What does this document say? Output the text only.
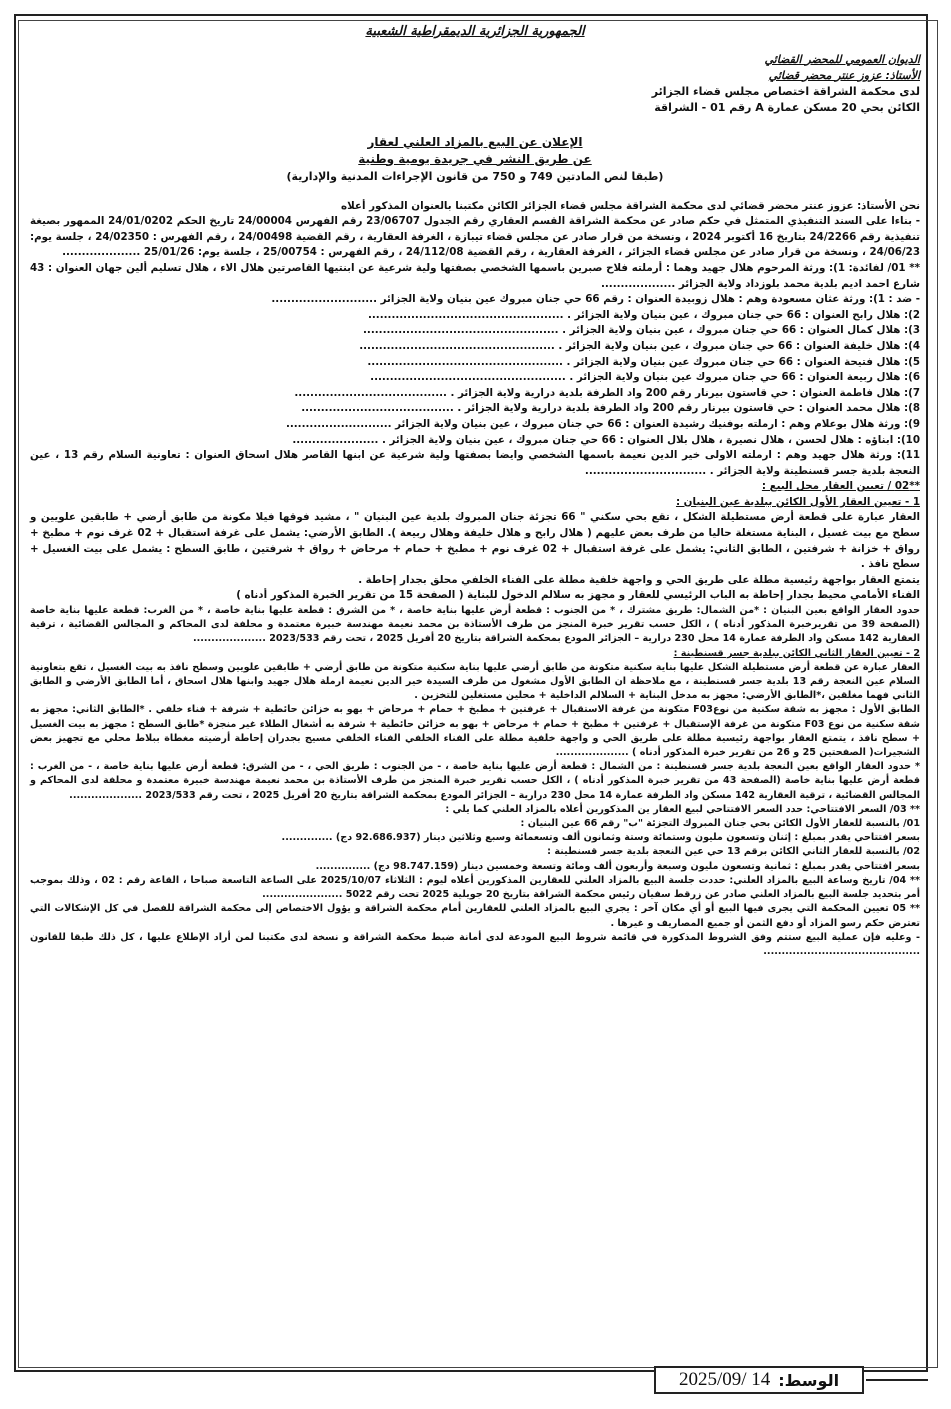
الجمهورية الجزائرية الديمقراطية الشعبية
الديوان العمومي للمحضر القضائي
الأستاذ: عزوز عنتر محضر قضائي
لدى محكمة الشراقة اختصاص مجلس قضاء الجزائر
الكائن بحي 20 مسكن عمارة A رقم 01 - الشراقة
الإعلان عن البيع بالمزاد العلني لعقار
عن طريق النشر في جريدة يومية وطنية
(طبقا لنص المادتين 749 و 750 من قانون الإجراءات المدنية والإدارية)

نحن الأستاذ: عزوز عنتر محضر قضائي لدى محكمة الشراقة مجلس قضاء الجزائر الكائن مكتبنا بالعنوان المذكور أعلاه

- بناءا على السند التنفيذي المتمثل في حكم صادر عن محكمة الشراقة القسم العقاري رقم الجدول 23/06707 رقم الفهرس 24/00004 تاريخ الحكم 24/01/0202 الممهور بصيغة تنفيذية رقم 24/2266 بتاريخ 16 أكتوبر 2024 ، ونسخة من قرار صادر عن مجلس قضاء تيبازة ، الغرفة العقارية ، رقم القضية 24/00498 ، رقم الفهرس : 24/02350 ، جلسة يوم: 24/06/23 ، ونسخة من قرار صادر عن مجلس قضاء الجزائر ، الغرفة العقارية ، رقم القضية 24/112/08 ، رقم الفهرس : 25/00754 ، جلسة يوم: 25/01/26 ....................

** 01/ لفائدة: 1): ورثة المرحوم هلال جهيد وهما : أرملته فلاح صبرين باسمها الشخصي بصفتها ولية شرعية عن ابنتيها القاصرتين هلال الاء ، هلال تسليم ألين جهان العنوان : 43 شارع احمد اديم بلدية محمد بلوزداد ولاية الجزائر ...................

- ضد : 1): ورثة عثان مسعودة وهم : هلال زوبيدة العنوان : رقم 66 حي جنان مبروك عين بنيان ولاية الجزائر ...........................

2): هلال رابح العنوان : 66 حي جنان مبروك ، عين بنيان ولاية الجزائر . ..................................................

3): هلال كمال العنوان : 66 حي جنان مبروك ، عين بنيان ولاية الجزائر . ..................................................

4): هلال خليفة العنوان : 66 حي جنان مبروك ، عين بنيان ولاية الجزائر . ..................................................

5): هلال فتيحة العنوان : 66 حي جنان مبروك عين بنيان ولاية الجزائر . ..................................................

6): هلال ربيعة العنوان : 66 حي جنان مبروك عين بنيان ولاية الجزائر . ..................................................

7): هلال فاطمة العنوان : حي قاستون بيرنار رقم 200 واد الطرفة بلدية درارية ولاية الجزائر . .......................................

8): هلال محمد العنوان : حي قاستون بيرنار رقم 200 واد الطرفة بلدية درارية ولاية الجزائر . .......................................

9): ورثة هلال بوعلام وهم : ارملته بوفنيك رشيدة العنوان : 66 حي جنان مبروك ، عين بنيان ولاية الجزائر ...........................

10): ابناؤه : هلال لحسن ، هلال نصيرة ، هلال بلال العنوان : 66 حي جنان مبروك ، عين بنيان ولاية الجزائر . ......................

11): ورثة هلال جهيد وهم : ارملته الاولى خير الدين نعيمة باسمها الشخصي وايضا بصفتها ولية شرعية عن ابنها القاصر هلال اسحاق العنوان : تعاونية السلام رقم 13 ، عين النعجة بلدية جسر قسنطينة ولاية الجزائر . ...............................

**02 / تعيين العقار محل البيع :

1 - تعيين العقار الأول الكائن ببلدية عين البنيان :

العقار عبارة على قطعة أرض مستطيلة الشكل ، تقع بحي سكني " 66 تجزئة جنان المبروك بلدية عين البنيان " ، مشيد فوقها فيلا مكونة من طابق أرضي + طابقين علويين و سطح مع بيت غسيل ، البناية مستغلة حاليا من طرف بعض عليهم ( هلال رابح و هلال خليفة وهلال ربيعة ). الطابق الأرضي: يشمل على غرفة استقبال + 02 غرف نوم + مطبخ + رواق + خزانة + شرفتين ، الطابق الثاني: يشمل على غرفة استقبال + 02 غرف نوم + مطبخ + حمام + مرحاض + رواق + شرفتين ، طابق السطح : يشمل على بيت الغسيل + سطح نافذ .

يتمتع العقار بواجهة رئيسية مطلة على طريق الحي و واجهة خلفية مطلة على الفناء الخلفي محلق بجدار إحاطة .

الفناء الأمامي محيط بجدار إحاطة به الباب الرئيسي للعقار و مجهز به سلالم الدخول للبناية ( الصفحة 15 من تقرير الخبرة المذكور أدناه )

حدود العقار الواقع بعين البنيان : *من الشمال: طريق مشترك ، * من الجنوب : قطعة أرض عليها بناية خاصة ، * من الشرق : قطعة عليها بناية خاصة ، * من الغرب: قطعة عليها بناية خاصة (الصفحة 39 من تقريرخبرة المذكور أدناه ) ، الكل حسب تقرير خبرة المنجز من طرف الأستاذة بن محمد نعيمة مهندسة خبيرة معتمدة و محلفة لدى المحاكم و المجالس القضائية ، ترقية العقارية 142 مسكن واد الطرفة عمارة 14 محل 230 درارية – الجزائر المودع بمحكمة الشراقة بتاريخ 20 أفريل 2025 ، تحت رقم 2023/533 ....................

2 - تعيين العقار الثاني الكائن ببلدية جسر قسنطينة :

العقار عبارة عن قطعة أرض مستطيلة الشكل عليها بناية سكنية متكونة من طابق أرضي عليها بناية سكنية متكونة من طابق أرضي + طابقين علويين وسطح نافذ به بيت الغسيل ، تقع بتعاونية السلام عين النعجة رقم 13 بلدية جسر قسنطينة ، مع ملاحظة ان الطابق الأول مشغول من طرف السيدة خير الدين نعيمة ارملة هلال جهيد وابنها هلال اسحاق ، أما الطابق الأرضي و الطابق الثاني فهما مغلقين ،*الطابق الأرضي: مجهز به مدخل البناية + السلالم الداخلية + محلين مستغلين للتخزين .

الطابق الأول : مجهز به شقة سكنية من نوعF03 متكونة من غرفة الاستقبال + غرفتين + مطبخ + حمام + مرحاض + بهو به خزائن حائطية + شرفة + فناء خلفي . *الطابق الثاني: مجهز به شقة سكنية من نوع F03 متكونة من غرفة الإستقبال + غرفتين + مطبخ + حمام + مرحاض + بهو به خزائن حائطية + شرفة به أشغال الطلاء غير منجزة *طابق السطح : مجهز به بيت الغسيل + سطح نافذ ، يتمتع العقار بواجهة رئيسية مطلة على طريق الحي و واجهة خلفية مطلة على الفناء الخلفي الفناء الخلفي مسيج بجدران إحاطة أرضيته مغطاة ببلاط محلي مع تجهيز بعض الشجيرات( الصفحتين 25 و 26 من تقرير خبرة المذكور أدناه ) ....................

* حدود العقار الواقع بعين النعجة بلدية جسر قسنطينة : من الشمال : قطعة أرض عليها بناية خاصة ، - من الجنوب : طريق الحي ، - من الشرق: قطعة أرض عليها بناية خاصة ، - من الغرب : قطعة أرض عليها بناية خاصة (الصفحة 43 من تقرير خبرة المذكور أدناه ) ، الكل حسب تقرير خبرة المنجز من طرف الأستاذة بن محمد نعيمة مهندسة خبيرة معتمدة و محلفة لدى المحاكم و المجالس القضائية ، ترقية العقارية 142 مسكن واد الطرفة عمارة 14 محل 230 درارية – الجزائر المودع بمحكمة الشراقة بتاريخ 20 أفريل 2025 ، تحت رقم 2023/533 ....................

** 03/ السعر الافتتاحي: حدد السعر الافتتاحي لبيع العقار ين المذكورين أعلاه بالمزاد العلني كما يلي :

01/ بالنسبة للعقار الأول الكائن بحي جنان المبروك التجزئة "ب" رقم 66 عين البنيان :

بسعر افتتاحي يقدر بمبلغ : إثنان وتسعون مليون وستمائة وستة وثمانون ألف وتسعمائة وسبع وثلاثين دينار (92.686.937 دج) ..............

02/ بالنسبة للعقار الثاني الكائن برقم 13 حي عين النعجة بلدية جسر قسنطينة :

بسعر افتتاحي يقدر بمبلغ : ثمانية وتسعون مليون وسبعة وأربعون ألف ومائة وتسعة وخمسين دينار (98.747.159 دج) ...............

** 04/ تاريخ وساعة البيع بالمزاد العلني: حددت جلسة البيع بالمزاد العلني للعقارين المذكورين أعلاه ليوم : الثلاثاء 2025/10/07 على الساعة التاسعة صباحا ، القاعة رقم : 02 ، وذلك بموجب أمر بتحديد جلسة البيع بالمزاد العلني صادر عن زرقط سفيان رئيس محكمة الشراقة بتاريخ 20 جويلية 2025 تحت رقم 5022 ......................

** 05 تعيين المحكمة التي يجرى فيها البيع أو أي مكان آخر : يجري البيع بالمزاد العلني للعقارين أمام محكمة الشراقة و يؤول الاختصاص إلى محكمة الشراقة للفصل في كل الإشكالات التي تعترض حكم رسو المزاد أو دفع الثمن أو جميع المصاريف و غيرها .

- وعليه فإن عملية البيع ستتم وفق الشروط المذكورة في قائمة شروط البيع المودعة لدى أمانة ضبط محكمة الشراقة و نسخة لدى مكتبنا لمن أراد الإطلاع عليها ، كل ذلك طبقا للقانون ...........................................

الوسط:
2025/09/ 14
